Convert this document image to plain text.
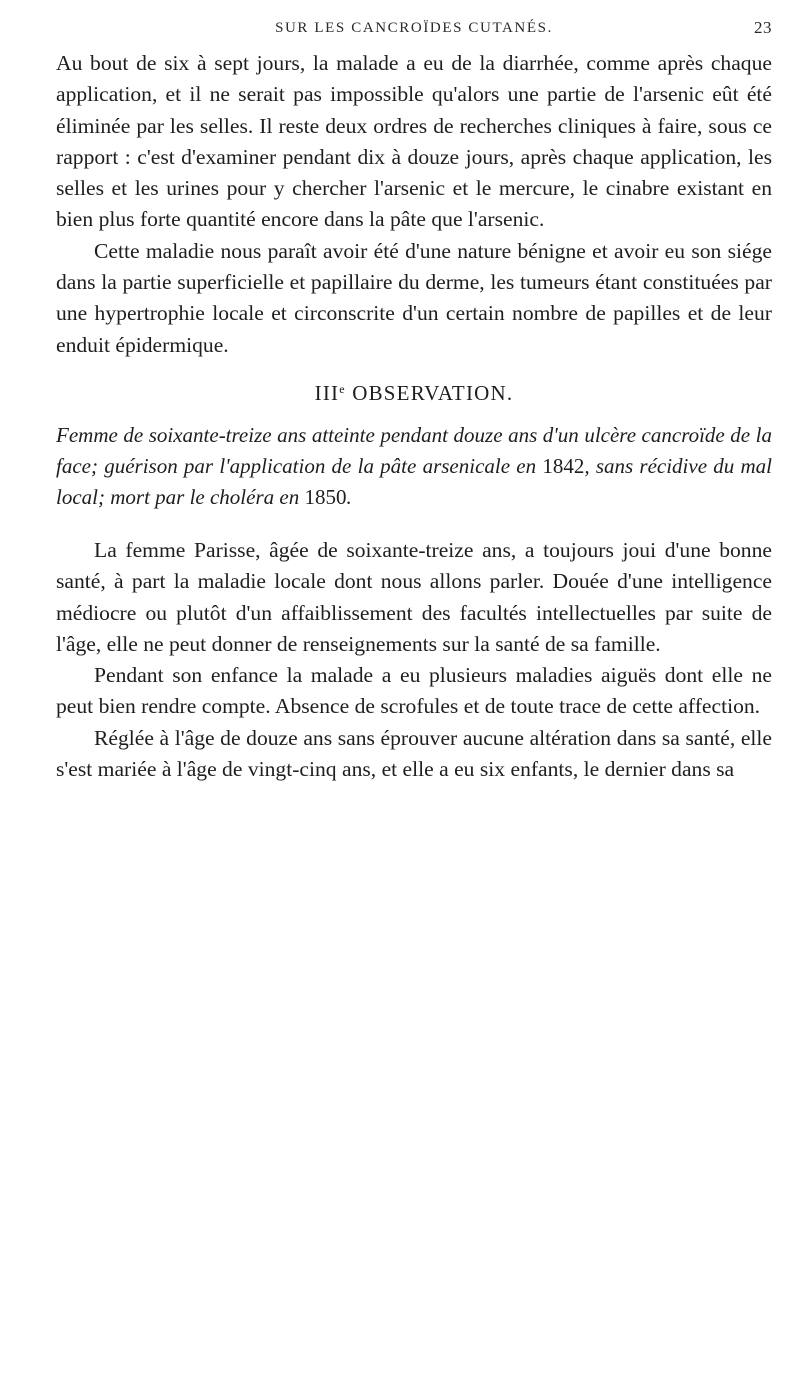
SUR LES CANCROÏDES CUTANÉS.	23

Au bout de six à sept jours, la malade a eu de la diarrhée, comme après chaque application, et il ne serait pas impossible qu'alors une partie de l'arsenic eût été éliminée par les selles. Il reste deux ordres de recherches cliniques à faire, sous ce rapport : c'est d'examiner pendant dix à douze jours, après chaque application, les selles et les urines pour y chercher l'arsenic et le mercure, le cinabre existant en bien plus forte quantité encore dans la pâte que l'arsenic.

Cette maladie nous paraît avoir été d'une nature bénigne et avoir eu son siége dans la partie superficielle et papillaire du derme, les tumeurs étant constituées par une hypertrophie locale et circonscrite d'un certain nombre de papilles et de leur enduit épidermique.

IIIe OBSERVATION.

Femme de soixante-treize ans atteinte pendant douze ans d'un ulcère cancroïde de la face; guérison par l'application de la pâte arsenicale en 1842, sans récidive du mal local; mort par le choléra en 1850.

La femme Parisse, âgée de soixante-treize ans, a toujours joui d'une bonne santé, à part la maladie locale dont nous allons parler. Douée d'une intelligence médiocre ou plutôt d'un affaiblissement des facultés intellectuelles par suite de l'âge, elle ne peut donner de renseignements sur la santé de sa famille.

Pendant son enfance la malade a eu plusieurs maladies aiguës dont elle ne peut bien rendre compte. Absence de scrofules et de toute trace de cette affection.

Réglée à l'âge de douze ans sans éprouver aucune altération dans sa santé, elle s'est mariée à l'âge de vingt-cinq ans, et elle a eu six enfants, le dernier dans sa
